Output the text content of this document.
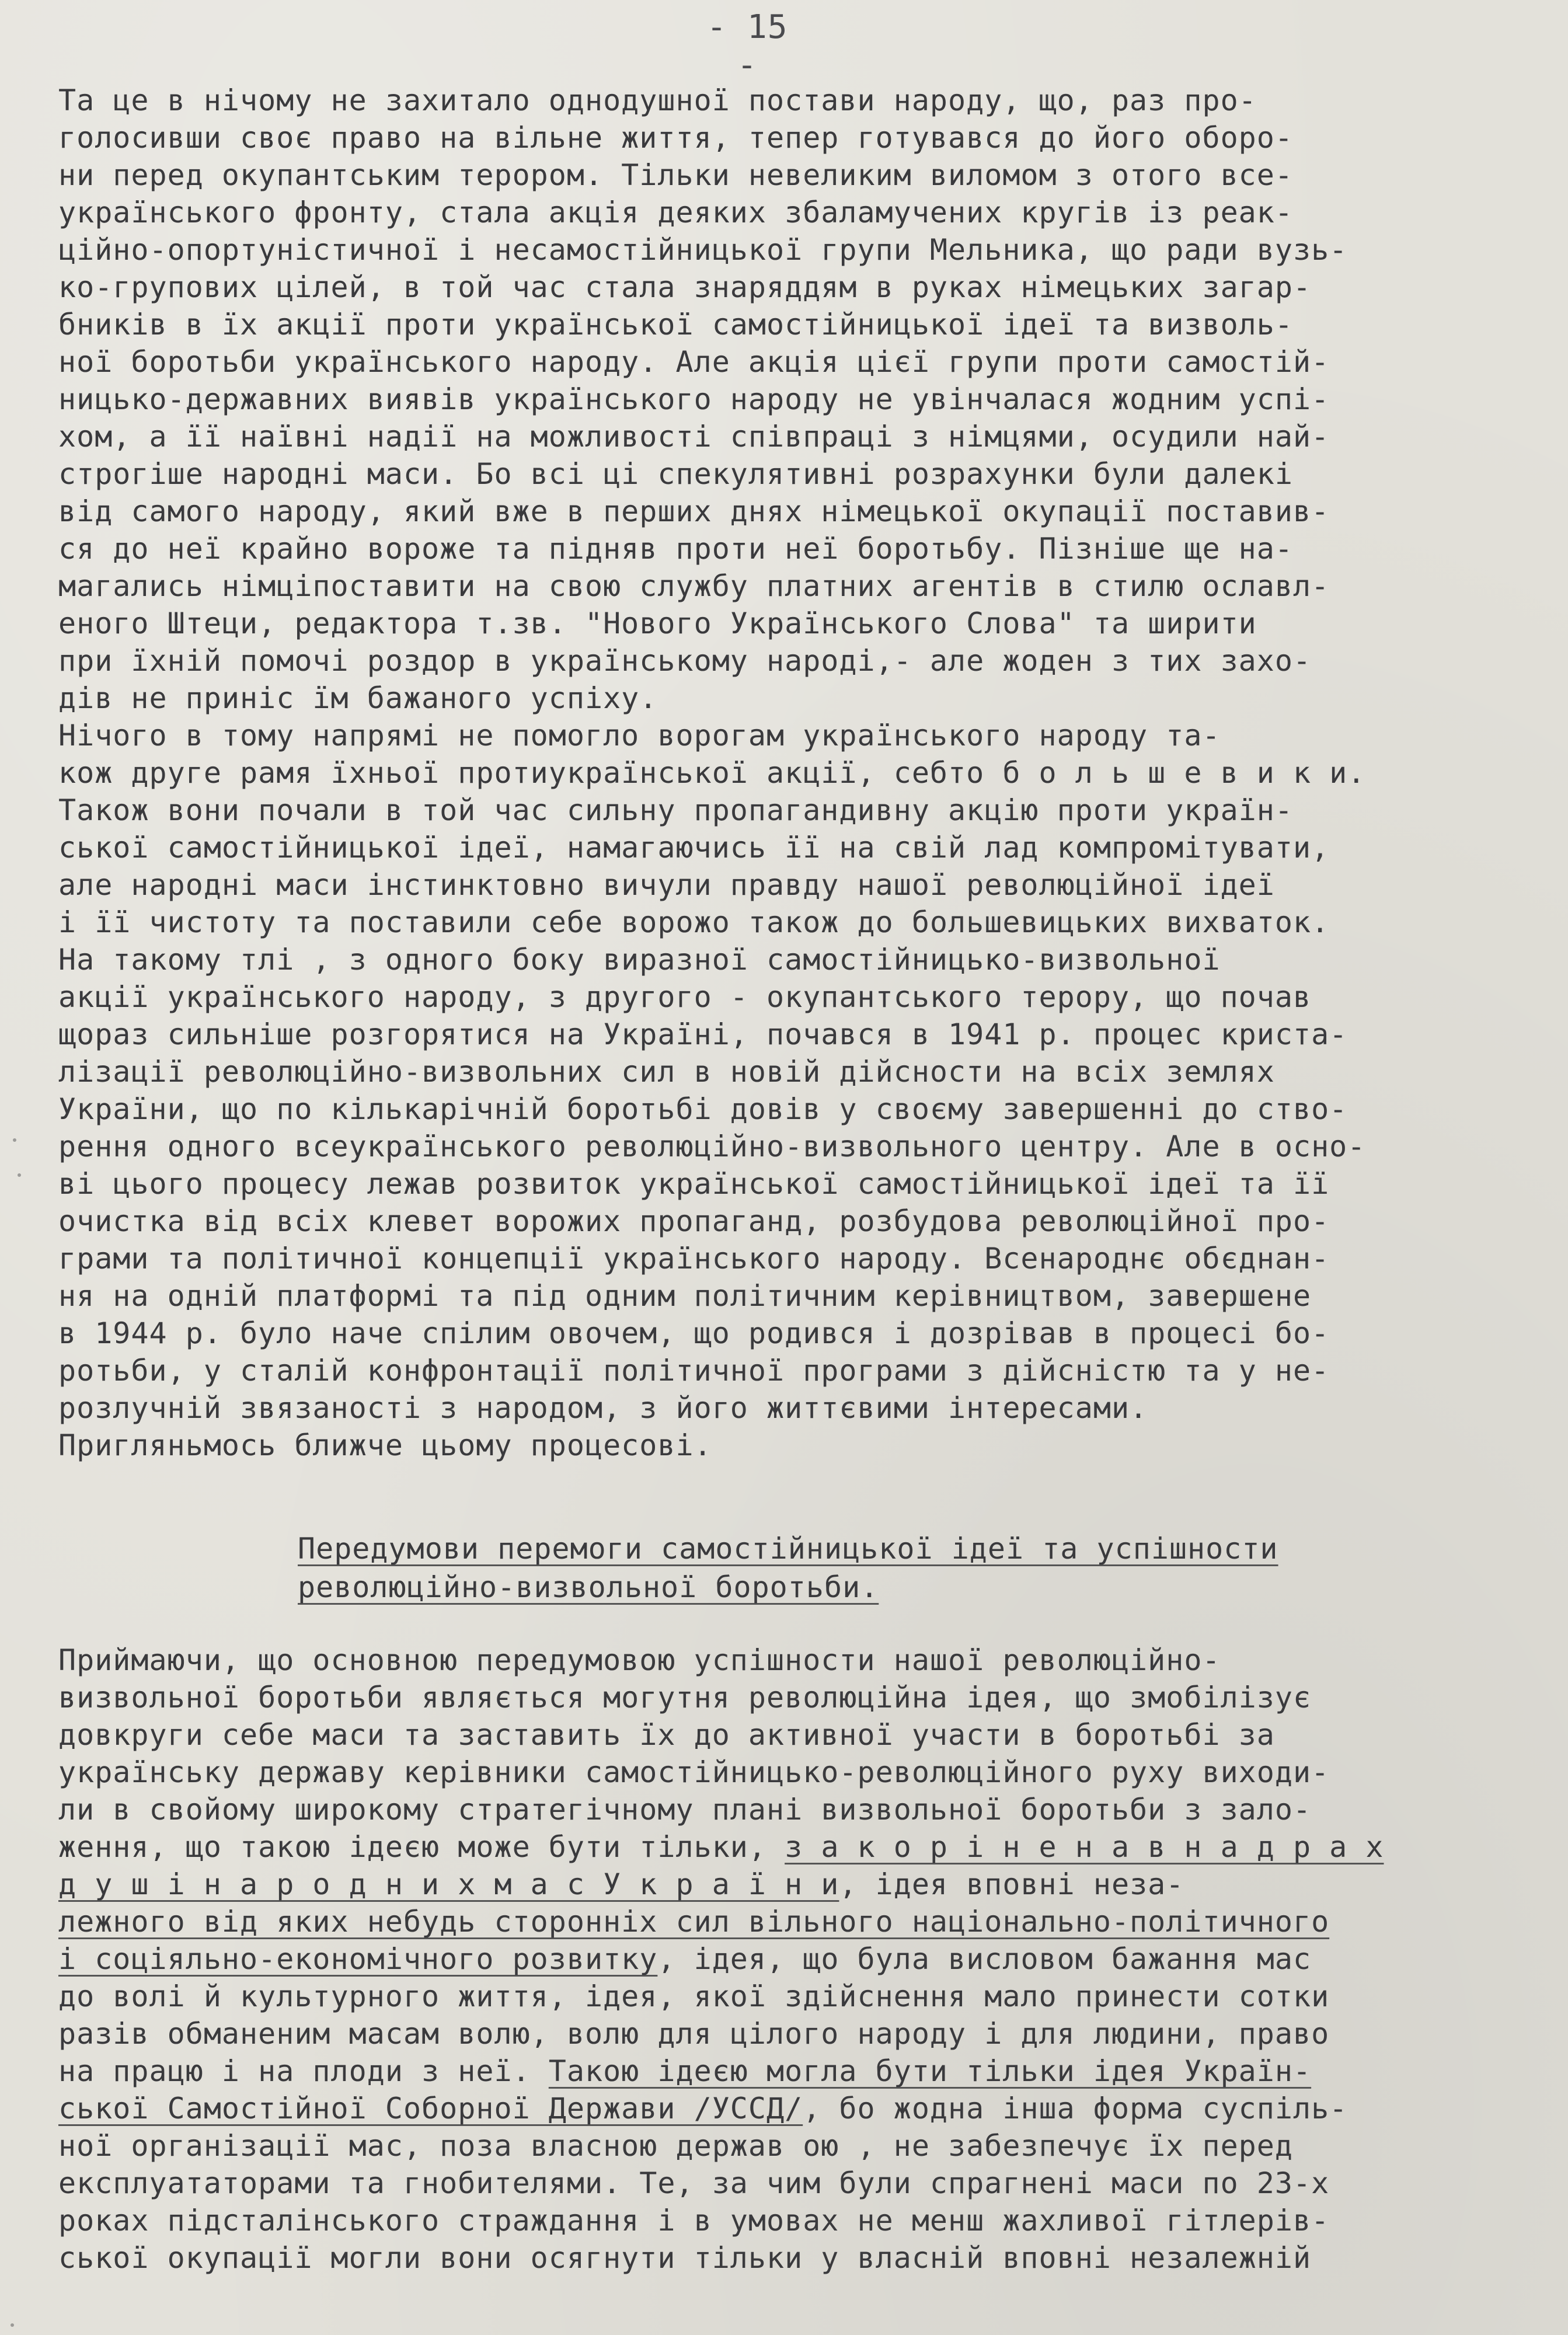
- 15 -
Та це в нічому не захитало однодушної постави народу, що, раз про-
голосивши своє право на вільне життя, тепер готувався до його оборо-
ни перед окупантським терором. Тільки невеликим виломом з отого все-
українського фронту, стала акція деяких збаламучених кругів із реак-
ційно-опортуністичної і несамостійницької групи Мельника, що ради вузь-
ко-групових цілей, в той час стала знаряддям в руках німецьких загар-
бників в їх акції проти української самостійницької ідеї та визволь-
ної боротьби українського народу. Але акція цієї групи проти самостій-
ницько-державних виявів українського народу не увінчалася жодним успі-
хом, а її наївні надії на можливості співпраці з німцями, осудили най-
строгіше народні маси. Бо всі ці спекулятивні розрахунки були далекі
від самого народу, який вже в перших днях німецької окупації поставив-
ся до неї крайно вороже та підняв проти неї боротьбу. Пізніше ще на-
магались німціпоставити на свою службу платних агентів в стилю ославл-
еного Штеци, редактора т.зв. "Нового Українського Слова" та ширити
при їхній помочі роздор в українському народі,- але жоден з тих захо-
дів не приніс їм бажаного успіху.
Нічого в тому напрямі не помогло ворогам українського народу та-
кож друге рамя їхньої протиукраїнської акції, себто б о л ь ш е в и к и.
Також вони почали в той час сильну пропагандивну акцію проти україн-
ської самостійницької ідеї, намагаючись її на свій лад компромітувати,
але народні маси інстинктовно вичули правду нашої революційної ідеї
і її чистоту та поставили себе ворожо також до большевицьких вихваток.
На такому тлі , з одного боку виразної самостійницько-визвольної
акції українського народу, з другого - окупантського терору, що почав
щораз сильніше розгорятися на Україні, почався в 1941 р. процес криста-
лізації революційно-визвольних сил в новій дійсности на всіх землях
України, що по кількарічній боротьбі довів у своєму завершенні до ство-
рення одного всеукраїнського революційно-визвольного центру. Але в осно-
ві цього процесу лежав розвиток української самостійницької ідеї та її
очистка від всіх клевет ворожих пропаганд, розбудова революційної про-
грами та політичної концепції українського народу. Всенароднє обєднан-
ня на одній платформі та під одним політичним керівництвом, завершене
в 1944 р. було наче спілим овочем, що родився і дозрівав в процесі бо-
ротьби, у сталій конфронтації політичної програми з дійсністю та у не-
розлучній звязаності з народом, з його життєвими інтересами.
Пригляньмось ближче цьому процесові.
Передумови перемоги самостійницької ідеї та успішности
революційно-визвольної боротьби.
Приймаючи, що основною передумовою успішности нашої революційно-
визвольної боротьби являється могутня революційна ідея, що змобілізує
довкруги себе маси та заставить їх до активної участи в боротьбі за
українську державу керівники самостійницько-революційного руху виходи-
ли в свойому широкому стратегічному плані визвольної боротьби з зало-
ження, що такою ідеєю може бути тільки, з а к о р і н е н а в н а д р а х
д у ш і н а р о д н и х м а с У к р а ї н и, ідея вповні неза-
лежного від яких небудь сторонніх сил вільного національно-політичного
і соціяльно-економічного розвитку, ідея, що була висловом бажання мас
до волі й культурного життя, ідея, якої здійснення мало принести сотки
разів обманеним масам волю, волю для цілого народу і для людини, право
на працю і на плоди з неї. Такою ідеєю могла бути тільки ідея Україн-
ської Самостійної Соборної Держави /УССД/, бо жодна інша форма суспіль-
ної організації мас, поза власною держав ою , не забезпечує їх перед
експлуататорами та гнобителями. Те, за чим були спрагнені маси по 23-х
роках підсталінського страждання і в умовах не менш жахливої гітлерів-
ської окупації могли вони осягнути тільки у власній вповні незалежній
